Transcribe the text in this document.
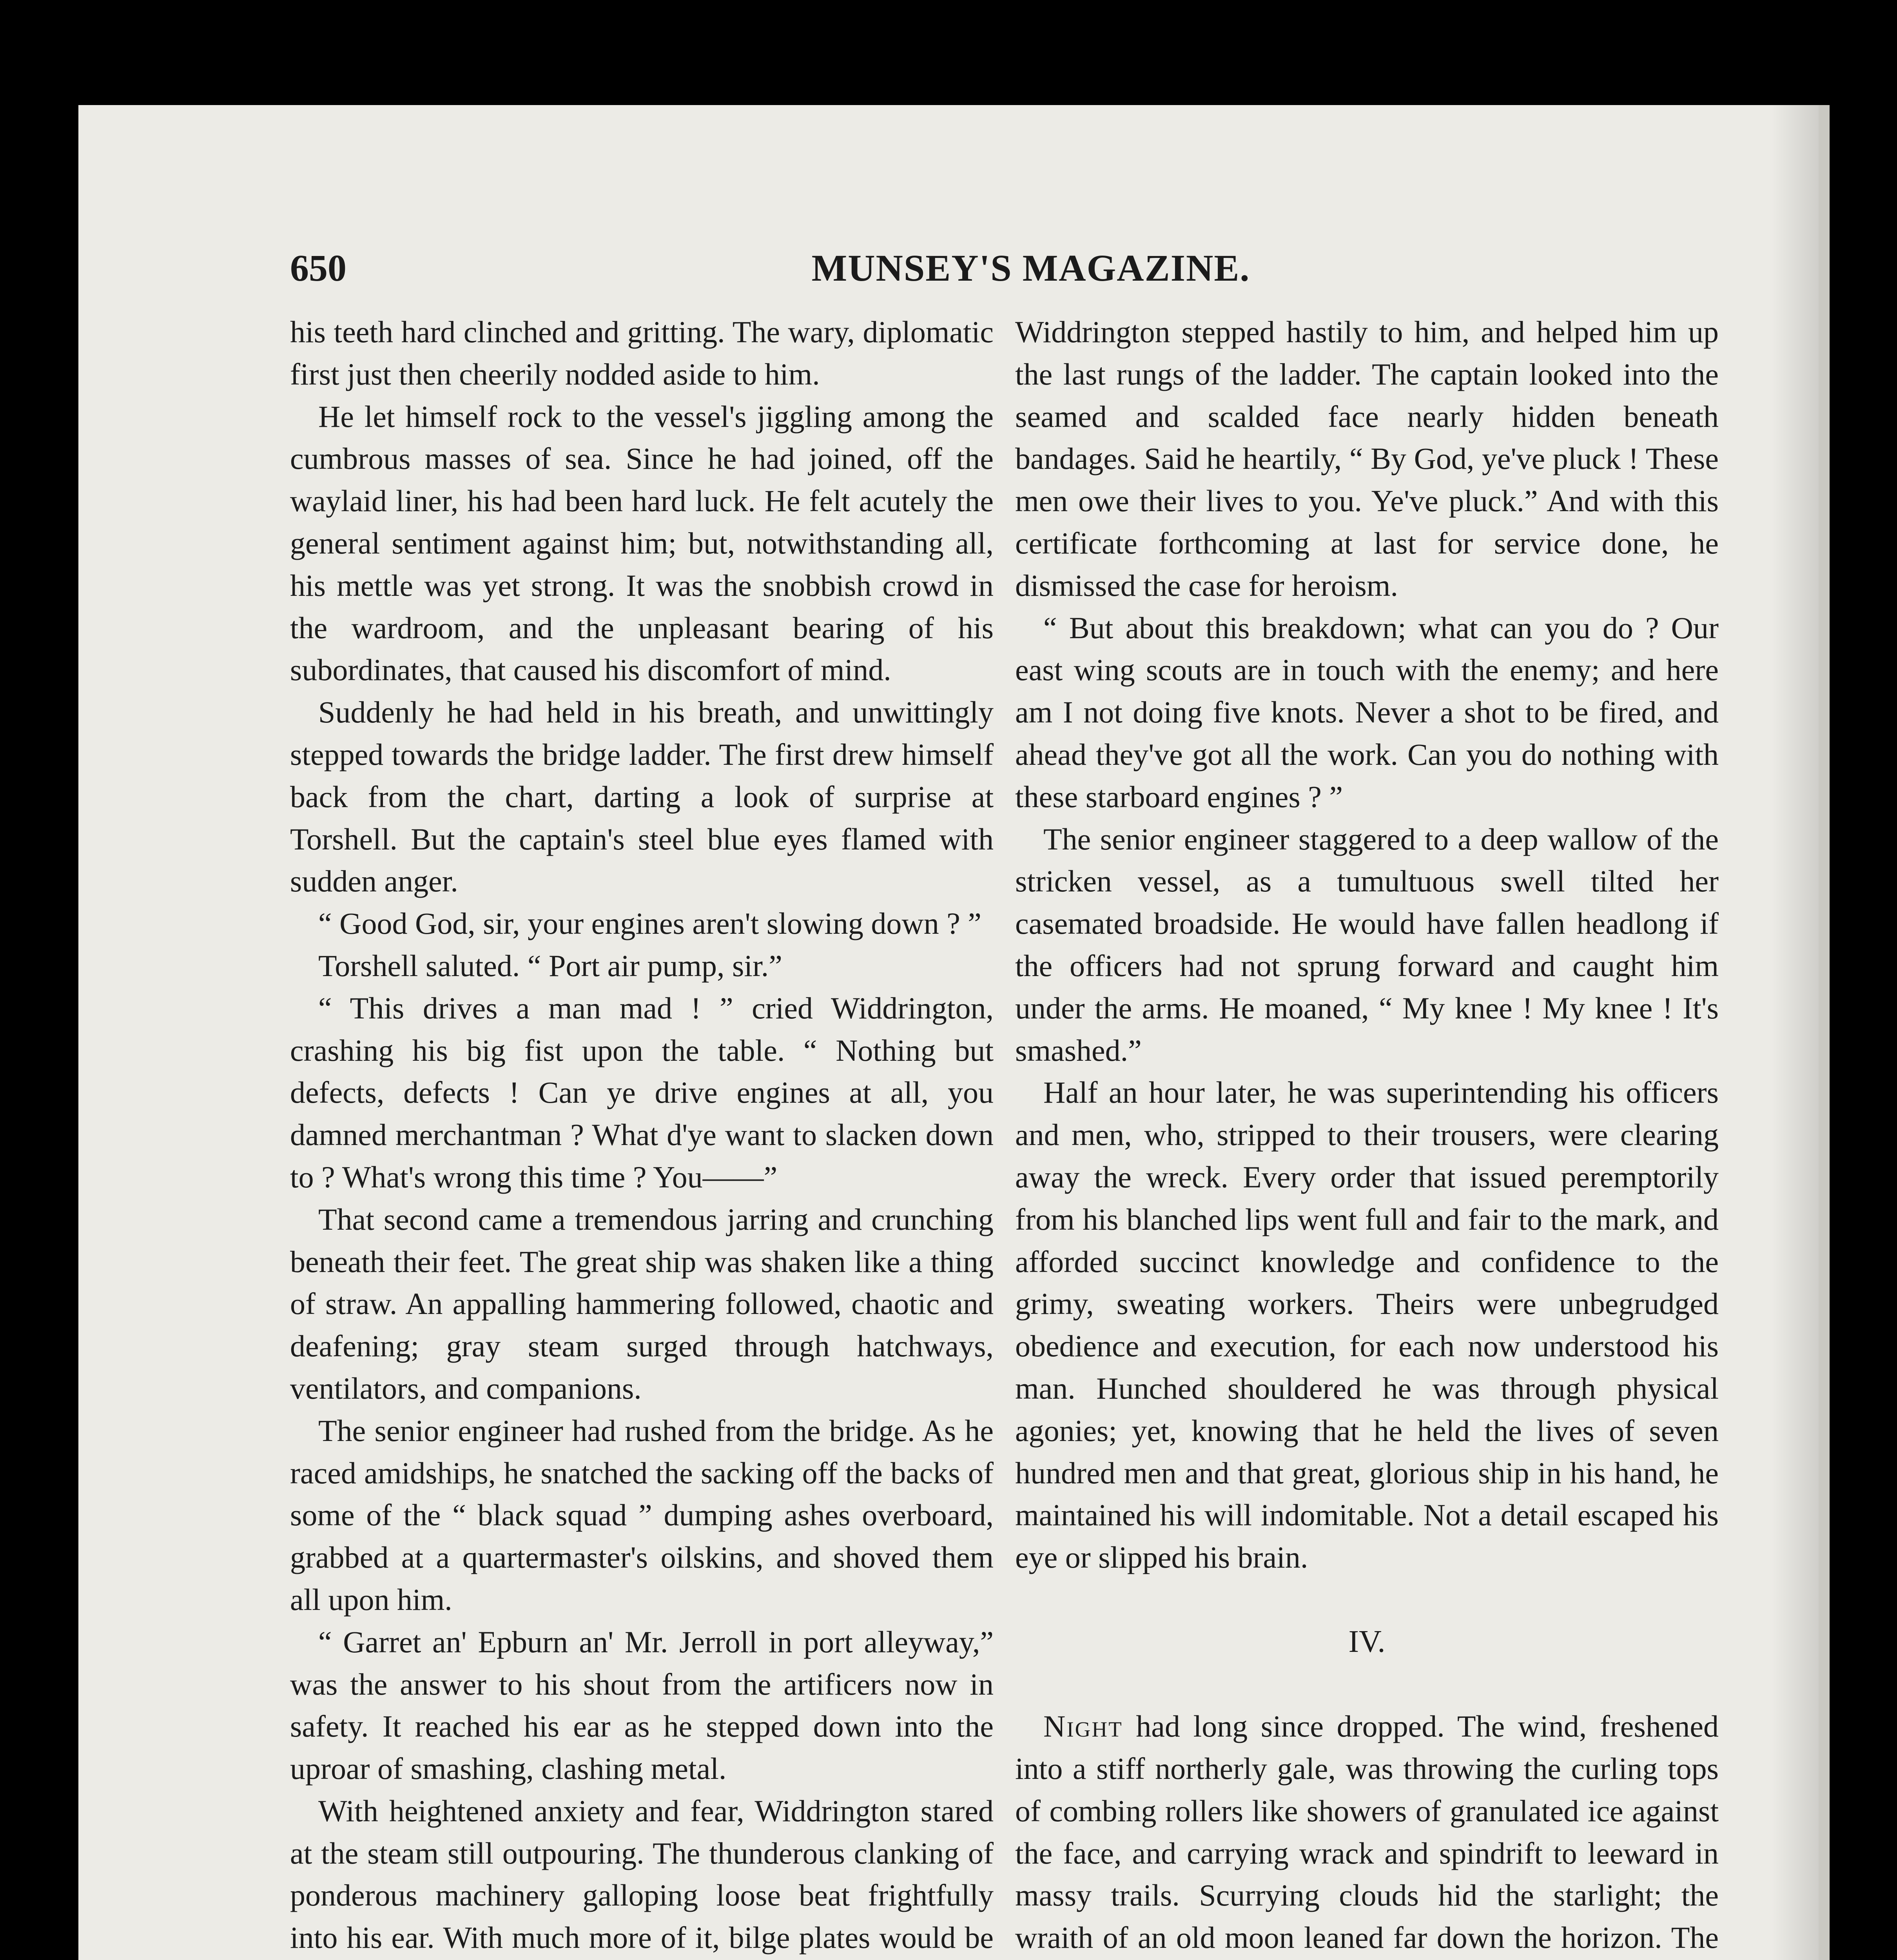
650	MUNSEY'S MAGAZINE.

his teeth hard clinched and gritting. The wary, diplomatic first just then cheerily nodded aside to him.

He let himself rock to the vessel's jiggling among the cumbrous masses of sea. Since he had joined, off the waylaid liner, his had been hard luck. He felt acutely the general sentiment against him; but, notwithstanding all, his mettle was yet strong. It was the snobbish crowd in the wardroom, and the unpleasant bearing of his subordinates, that caused his discomfort of mind.

Suddenly he had held in his breath, and unwittingly stepped towards the bridge ladder. The first drew himself back from the chart, darting a look of surprise at Torshell. But the captain's steel blue eyes flamed with sudden anger.

“ Good God, sir, your engines aren't slowing down ? ”

Torshell saluted. “ Port air pump, sir.”

“ This drives a man mad ! ” cried Widdrington, crashing his big fist upon the table. “ Nothing but defects, defects ! Can ye drive engines at all, you damned merchantman ? What d'ye want to slacken down to ? What's wrong this time ? You——”

That second came a tremendous jarring and crunching beneath their feet. The great ship was shaken like a thing of straw. An appalling hammering followed, chaotic and deafening; gray steam surged through hatchways, ventilators, and companions.

The senior engineer had rushed from the bridge. As he raced amidships, he snatched the sacking off the backs of some of the “ black squad ” dumping ashes overboard, grabbed at a quartermaster's oilskins, and shoved them all upon him.

“ Garret an' Epburn an' Mr. Jerroll in port alleyway,” was the answer to his shout from the artificers now in safety. It reached his ear as he stepped down into the uproar of smashing, clashing metal.

With heightened anxiety and fear, Widdrington stared at the steam still outpouring. The thunderous clanking of ponderous machinery galloping loose beat frightfully into his ear. With much more of it, bilge plates would be

Widdrington stepped hastily to him, and helped him up the last rungs of the ladder. The captain looked into the seamed and scalded face nearly hidden beneath bandages. Said he heartily, “ By God, ye've pluck ! These men owe their lives to you. Ye've pluck.” And with this certificate forthcoming at last for service done, he dismissed the case for heroism.

“ But about this breakdown; what can you do ? Our east wing scouts are in touch with the enemy; and here am I not doing five knots. Never a shot to be fired, and ahead they've got all the work. Can you do nothing with these starboard engines ? ”

The senior engineer staggered to a deep wallow of the stricken vessel, as a tumultuous swell tilted her casemated broadside. He would have fallen headlong if the officers had not sprung forward and caught him under the arms. He moaned, “ My knee ! My knee ! It's smashed.”

Half an hour later, he was superintending his officers and men, who, stripped to their trousers, were clearing away the wreck. Every order that issued peremptorily from his blanched lips went full and fair to the mark, and afforded succinct knowledge and confidence to the grimy, sweating workers. Theirs were unbegrudged obedience and execution, for each now understood his man. Hunched shouldered he was through physical agonies; yet, knowing that he held the lives of seven hundred men and that great, glorious ship in his hand, he maintained his will indomitable. Not a detail escaped his eye or slipped his brain.

IV.

Night had long since dropped. The wind, freshened into a stiff northerly gale, was throwing the curling tops of combing rollers like showers of granulated ice against the face, and carrying wrack and spindrift to leeward in massy trails. Scurrying clouds hid the starlight; the wraith of an old moon leaned far down the horizon. The
